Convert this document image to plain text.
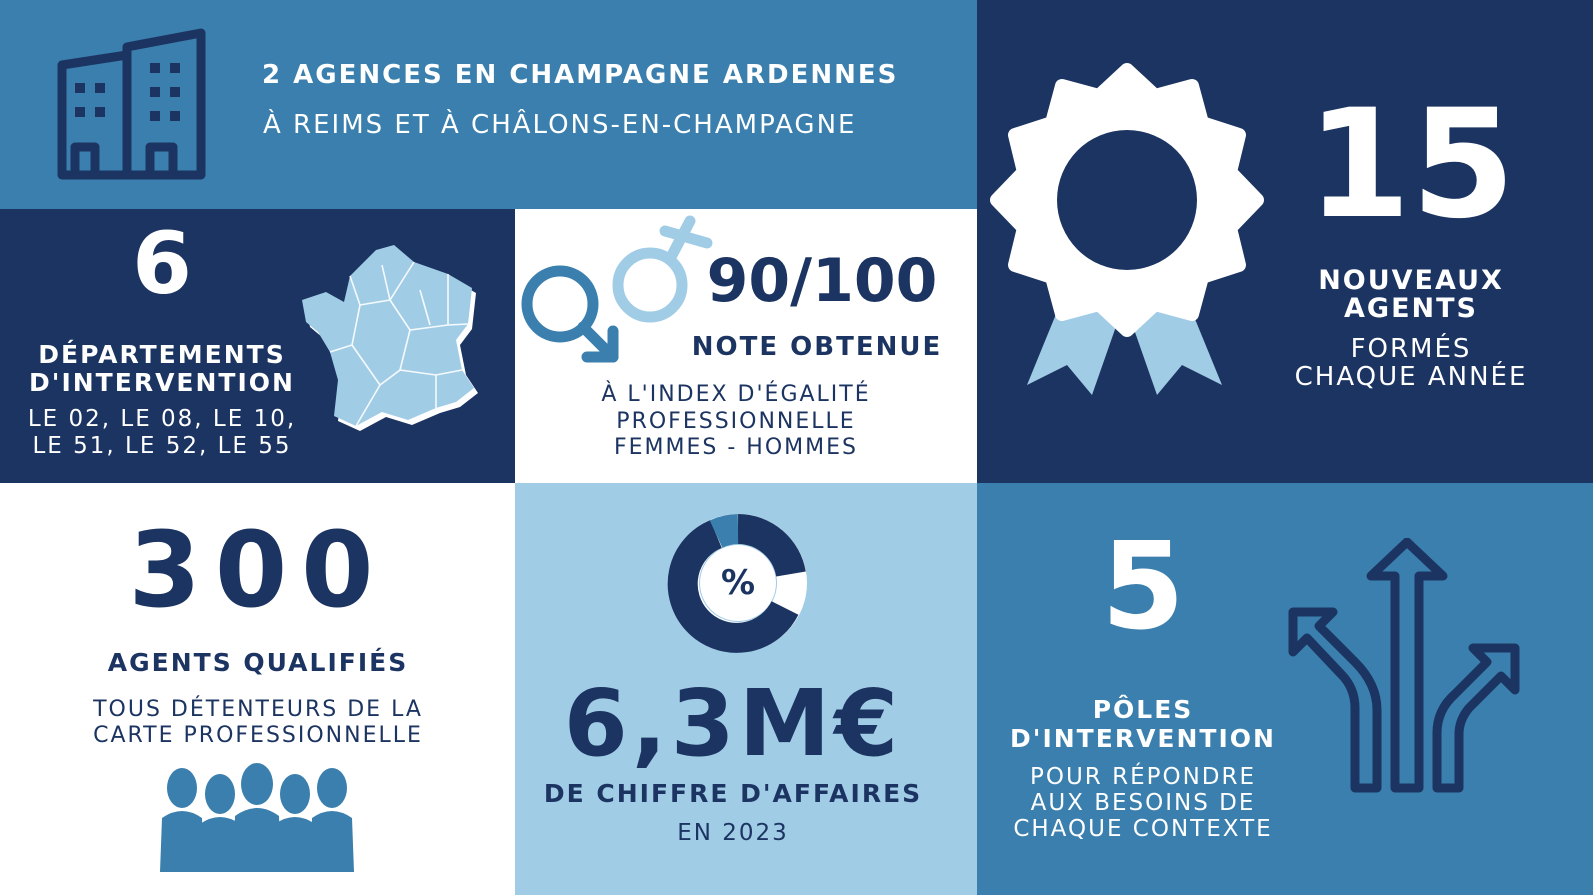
2 AGENCES EN CHAMPAGNE ARDENNES
À REIMS ET À CHÂLONS-EN-CHAMPAGNE	15
NOUVEAUX
AGENTS
FORMÉS
CHAQUE ANNÉE
6
DÉPARTEMENTS
D'INTERVENTION
LE 02, LE 08, LE 10,
LE 51, LE 52, LE 55
90/100
NOTE OBTENUE
À L'INDEX D'ÉGALITÉ
PROFESSIONNELLE
FEMMES - HOMMES
300
AGENTS QUALIFIÉS
TOUS DÉTENTEURS DE LA
CARTE PROFESSIONNELLE
%
6,3M€
DE CHIFFRE D'AFFAIRES
EN 2023
5
PÔLES
D'INTERVENTION
POUR RÉPONDRE
AUX BESOINS DE
CHAQUE CONTEXTE
